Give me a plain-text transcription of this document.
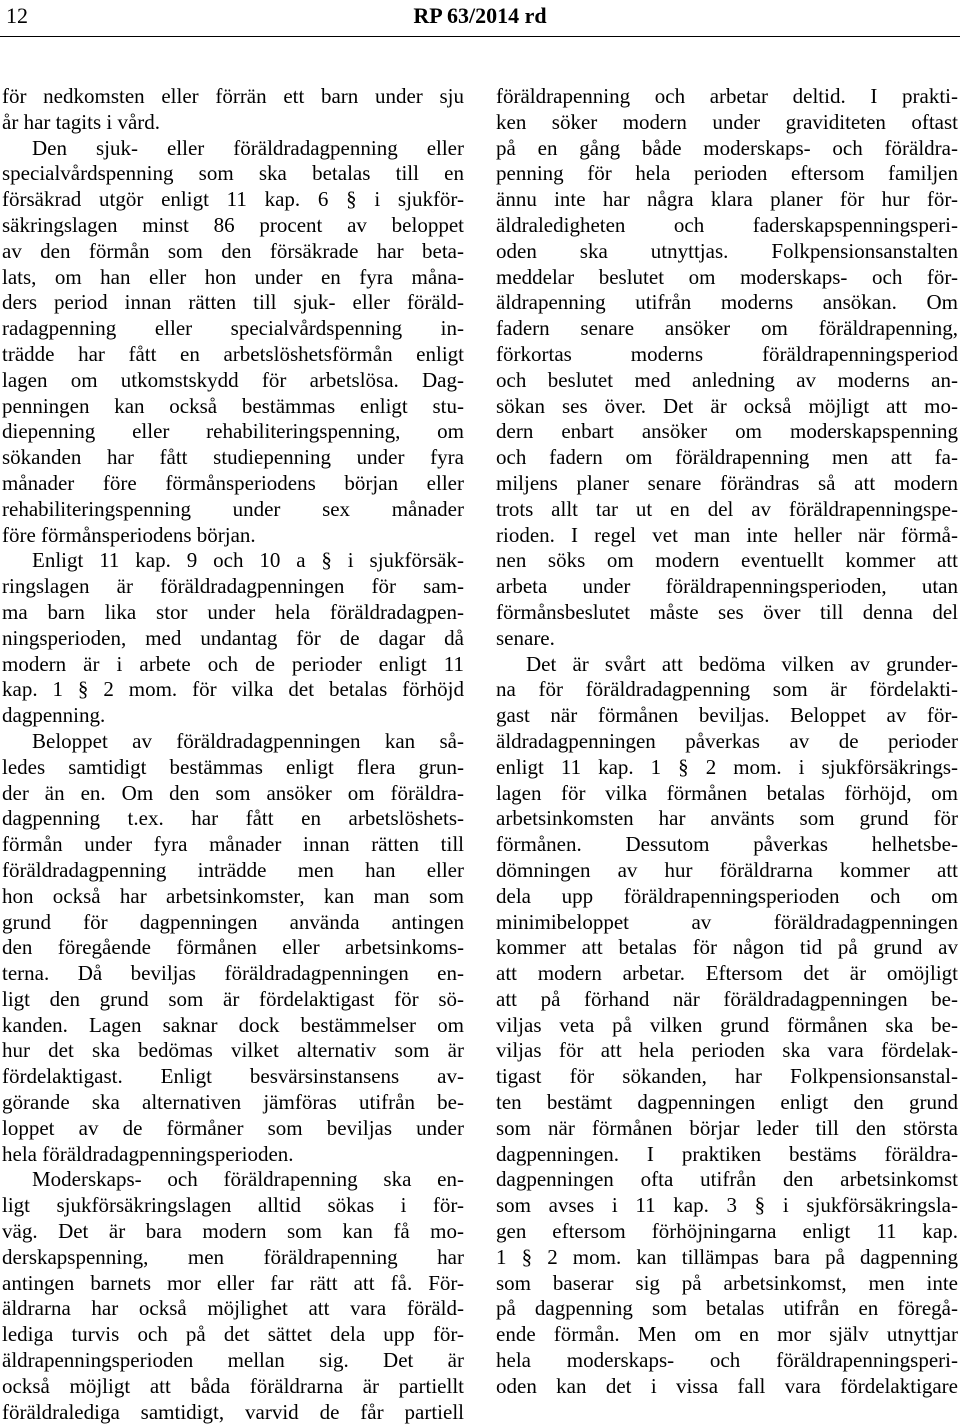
12	RP 63/2014 rd
för nedkomsten eller förrän ett barn under sju
år har tagits i vård.
Den sjuk- eller föräldradagpenning eller
specialvårdspenning som ska betalas till en
försäkrad utgör enligt 11 kap. 6 § i sjukför-
säkringslagen minst 86 procent av beloppet
av den förmån som den försäkrade har beta-
lats, om han eller hon under en fyra måna-
ders period innan rätten till sjuk- eller föräld-
radagpenning eller specialvårdspenning in-
trädde har fått en arbetslöshetsförmån enligt
lagen om utkomstskydd för arbetslösa. Dag-
penningen kan också bestämmas enligt stu-
diepenning eller rehabiliteringspenning, om
sökanden har fått studiepenning under fyra
månader före förmånsperiodens början eller
rehabiliteringspenning under sex månader
före förmånsperiodens början.
Enligt 11 kap. 9 och 10 a § i sjukförsäk-
ringslagen är föräldradagpenningen för sam-
ma barn lika stor under hela föräldradagpen-
ningsperioden, med undantag för de dagar då
modern är i arbete och de perioder enligt 11
kap. 1 § 2 mom. för vilka det betalas förhöjd
dagpenning.
Beloppet av föräldradagpenningen kan så-
ledes samtidigt bestämmas enligt flera grun-
der än en. Om den som ansöker om föräldra-
dagpenning t.ex. har fått en arbetslöshets-
förmån under fyra månader innan rätten till
föräldradagpenning inträdde men han eller
hon också har arbetsinkomster, kan man som
grund för dagpenningen använda antingen
den föregående förmånen eller arbetsinkoms-
terna. Då beviljas föräldradagpenningen en-
ligt den grund som är fördelaktigast för sö-
kanden. Lagen saknar dock bestämmelser om
hur det ska bedömas vilket alternativ som är
fördelaktigast. Enligt besvärsinstansens av-
görande ska alternativen jämföras utifrån be-
loppet av de förmåner som beviljas under
hela föräldradagpenningsperioden.
Moderskaps- och föräldrapenning ska en-
ligt sjukförsäkringslagen alltid sökas i för-
väg. Det är bara modern som kan få mo-
derskapspenning, men föräldrapenning har
antingen barnets mor eller far rätt att få. För-
äldrarna har också möjlighet att vara föräld-
lediga turvis och på det sättet dela upp för-
äldrapenningsperioden mellan sig. Det är
också möjligt att båda föräldrarna är partiellt
föräldralediga samtidigt, varvid de får partiell
föräldrapenning och arbetar deltid. I prakti-
ken söker modern under graviditeten oftast
på en gång både moderskaps- och föräldra-
penning för hela perioden eftersom familjen
ännu inte har några klara planer för hur för-
äldraledigheten och faderskapspenningsperi-
oden ska utnyttjas. Folkpensionsanstalten
meddelar beslutet om moderskaps- och för-
äldrapenning utifrån moderns ansökan. Om
fadern senare ansöker om föräldrapenning,
förkortas moderns föräldrapenningsperiod
och beslutet med anledning av moderns an-
sökan ses över. Det är också möjligt att mo-
dern enbart ansöker om moderskapspenning
och fadern om föräldrapenning men att fa-
miljens planer senare förändras så att modern
trots allt tar ut en del av föräldrapenningspe-
rioden. I regel vet man inte heller när förmå-
nen söks om modern eventuellt kommer att
arbeta under föräldrapenningsperioden, utan
förmånsbeslutet måste ses över till denna del
senare.
Det är svårt att bedöma vilken av grunder-
na för föräldradagpenning som är fördelakti-
gast när förmånen beviljas. Beloppet av för-
äldradagpenningen påverkas av de perioder
enligt 11 kap. 1 § 2 mom. i sjukförsäkrings-
lagen för vilka förmånen betalas förhöjd, om
arbetsinkomsten har använts som grund för
förmånen. Dessutom påverkas helhetsbe-
dömningen av hur föräldrarna kommer att
dela upp föräldrapenningsperioden och om
minimibeloppet av föräldradagpenningen
kommer att betalas för någon tid på grund av
att modern arbetar. Eftersom det är omöjligt
att på förhand när föräldradagpenningen be-
viljas veta på vilken grund förmånen ska be-
viljas för att hela perioden ska vara fördelak-
tigast för sökanden, har Folkpensionsanstal-
ten bestämt dagpenningen enligt den grund
som när förmånen börjar leder till den största
dagpenningen. I praktiken bestäms föräldra-
dagpenningen ofta utifrån den arbetsinkomst
som avses i 11 kap. 3 § i sjukförsäkringsla-
gen eftersom förhöjningarna enligt 11 kap.
1 § 2 mom. kan tillämpas bara på dagpenning
som baserar sig på arbetsinkomst, men inte
på dagpenning som betalas utifrån en föregå-
ende förmån. Men om en mor själv utnyttjar
hela moderskaps- och föräldrapenningsperi-
oden kan det i vissa fall vara fördelaktigare
